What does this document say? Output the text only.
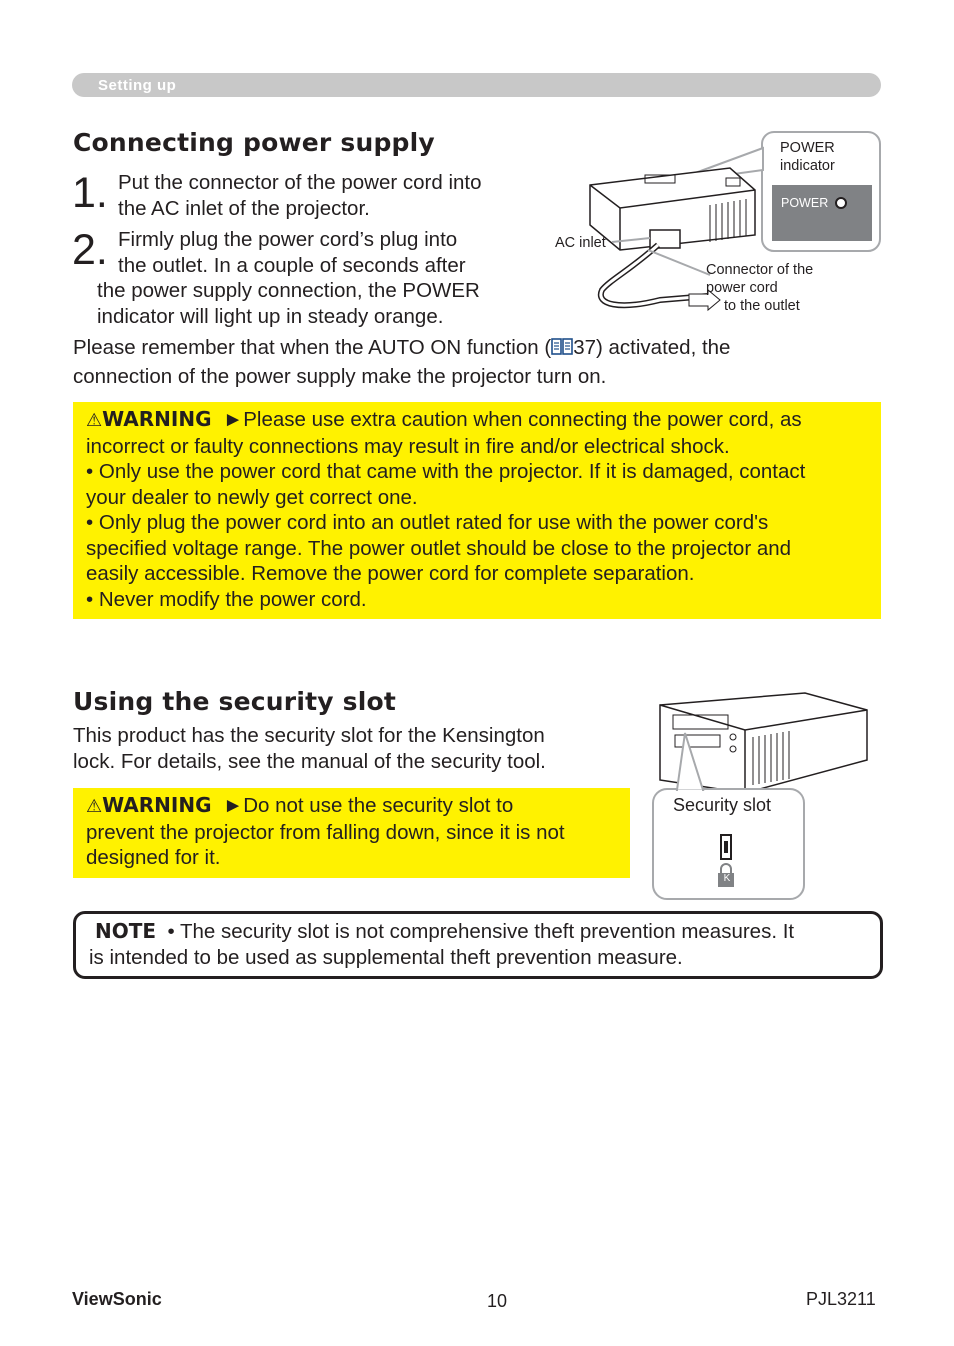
Setting up
Connecting power supply
1. Put the connector of the power cord into
the AC inlet of the projector.
2. Firmly plug the power cord’s plug into
the outlet. In a couple of seconds after
the power supply connection, the POWER
indicator will light up in steady orange.
Please remember that when the AUTO ON function ( 37) activated, the
connection of the power supply make the projector turn on.
POWER
indicator
POWER
AC inlet
Connector of the
power cord
to the outlet
⚠WARNING ►Please use extra caution when connecting the power cord, as
incorrect or faulty connections may result in fire and/or electrical shock.
• Only use the power cord that came with the projector. If it is damaged, contact
your dealer to newly get correct one.
• Only plug the power cord into an outlet rated for use with the power cord's
specified voltage range. The power outlet should be close to the projector and
easily accessible. Remove the power cord for complete separation.
• Never modify the power cord.
Using the security slot
This product has the security slot for the Kensington
lock. For details, see the manual of the security tool.
⚠WARNING ►Do not use the security slot to
prevent the projector from falling down, since it is not
designed for it.
Security slot
K
NOTE • The security slot is not comprehensive theft prevention measures. It
is intended to be used as supplemental theft prevention measure.
ViewSonic	10	PJL3211
